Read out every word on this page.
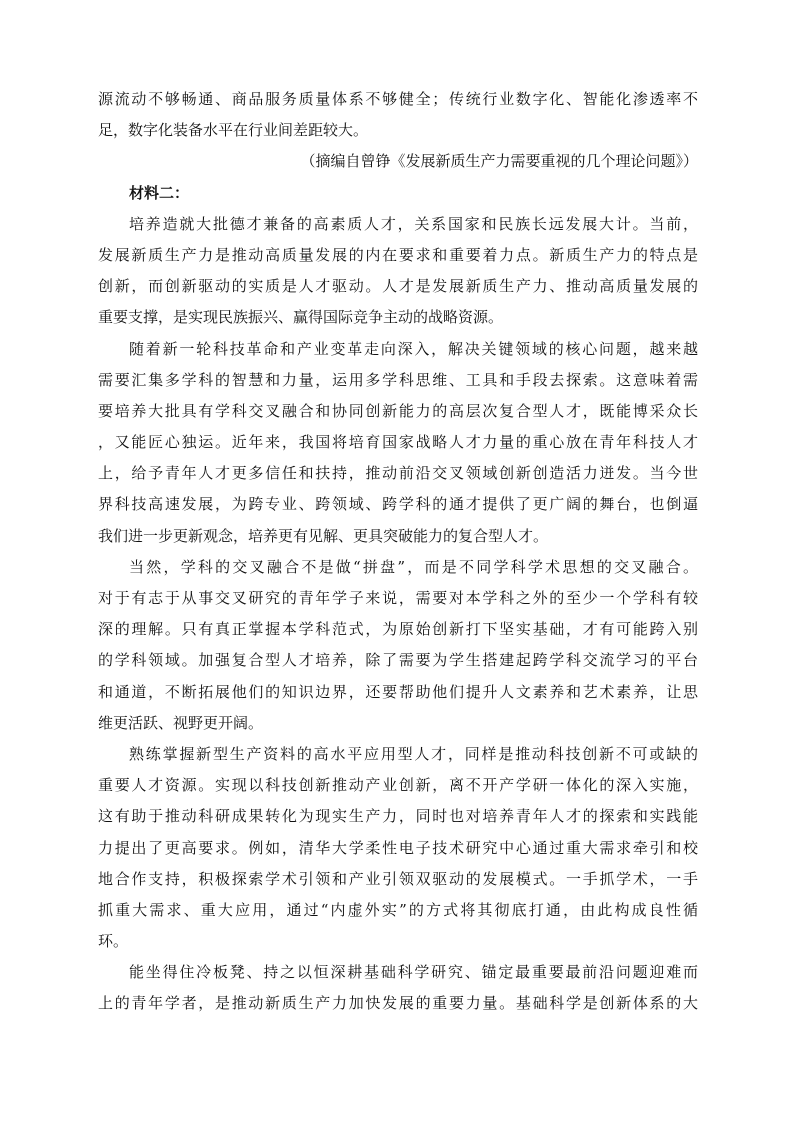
源流动不够畅通、商品服务质量体系不够健全；传统行业数字化、智能化渗透率不
足，数字化装备水平在行业间差距较大。
（摘编自曾铮《发展新质生产力需要重视的几个理论问题》）
材料二：
培养造就大批德才兼备的高素质人才，关系国家和民族长远发展大计。当前，
发展新质生产力是推动高质量发展的内在要求和重要着力点。新质生产力的特点是
创新，而创新驱动的实质是人才驱动。人才是发展新质生产力、推动高质量发展的
重要支撑，是实现民族振兴、赢得国际竞争主动的战略资源。
随着新一轮科技革命和产业变革走向深入，解决关键领域的核心问题，越来越
需要汇集多学科的智慧和力量，运用多学科思维、工具和手段去探索。这意味着需
要培养大批具有学科交叉融合和协同创新能力的高层次复合型人才，既能博采众长
，又能匠心独运。近年来，我国将培育国家战略人才力量的重心放在青年科技人才
上，给予青年人才更多信任和扶持，推动前沿交叉领域创新创造活力迸发。当今世
界科技高速发展，为跨专业、跨领域、跨学科的通才提供了更广阔的舞台，也倒逼
我们进一步更新观念，培养更有见解、更具突破能力的复合型人才。
当然，学科的交叉融合不是做“拼盘”，而是不同学科学术思想的交叉融合。
对于有志于从事交叉研究的青年学子来说，需要对本学科之外的至少一个学科有较
深的理解。只有真正掌握本学科范式，为原始创新打下坚实基础，才有可能跨入别
的学科领域。加强复合型人才培养，除了需要为学生搭建起跨学科交流学习的平台
和通道，不断拓展他们的知识边界，还要帮助他们提升人文素养和艺术素养，让思
维更活跃、视野更开阔。
熟练掌握新型生产资料的高水平应用型人才，同样是推动科技创新不可或缺的
重要人才资源。实现以科技创新推动产业创新，离不开产学研一体化的深入实施，
这有助于推动科研成果转化为现实生产力，同时也对培养青年人才的探索和实践能
力提出了更高要求。例如，清华大学柔性电子技术研究中心通过重大需求牵引和校
地合作支持，积极探索学术引领和产业引领双驱动的发展模式。一手抓学术，一手
抓重大需求、重大应用，通过“内虚外实”的方式将其彻底打通，由此构成良性循
环。
能坐得住冷板凳、持之以恒深耕基础科学研究、锚定最重要最前沿问题迎难而
上的青年学者，是推动新质生产力加快发展的重要力量。基础科学是创新体系的大
